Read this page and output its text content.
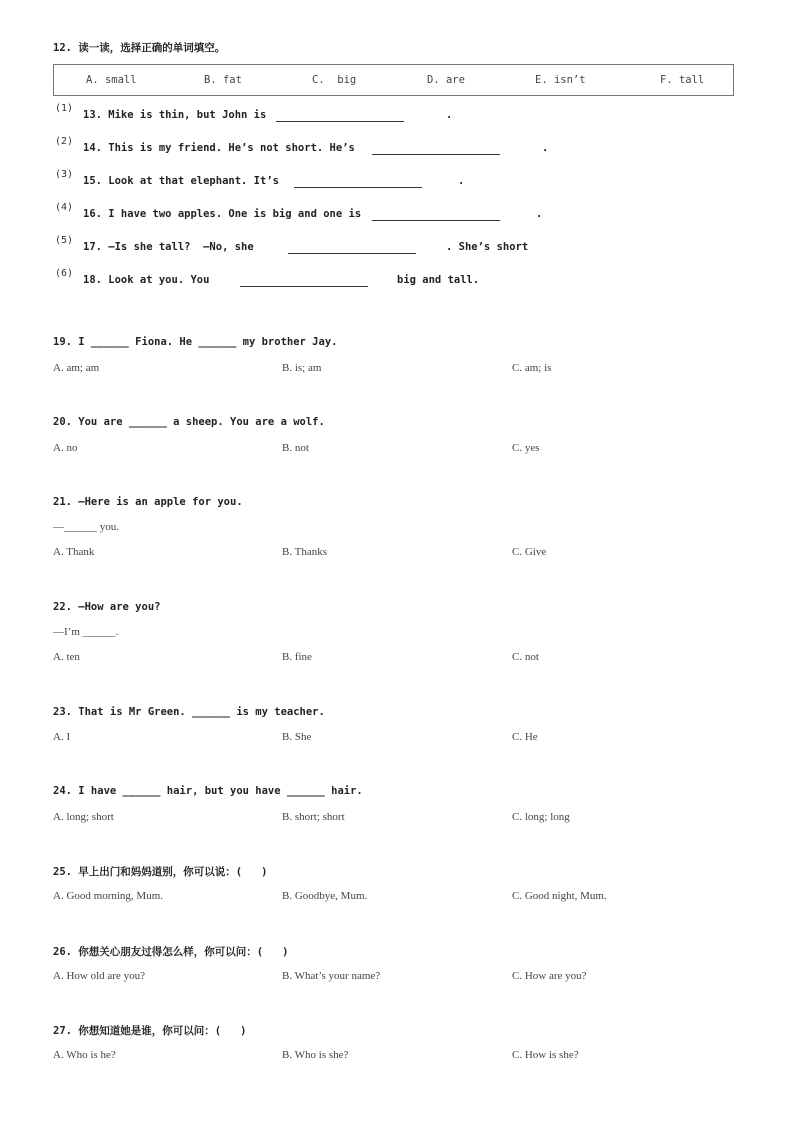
12. 读一读，选择正确的单词填空。
A. small	B. fat	C.  big	D. are	E. isn’t	F. tall
(1)
13. Mike is thin, but John is	.
(2)
14. This is my friend. He’s not short. He’s	.
(3)
15. Look at that elephant. It’s	.
(4)
16. I have two apples. One is big and one is	.
(5)
17. —Is she tall?  —No, she	. She’s short
(6)
18. Look at you. You	big and tall.
19. I ______ Fiona. He ______ my brother Jay.
A. am; am	B. is; am	C. am; is
20. You are ______ a sheep. You are a wolf.
A. no	B. not	C. yes
21. —Here is an apple for you.
—______ you.
A. Thank	B. Thanks	C. Give
22. —How are you?
—I’m ______.
A. ten	B. fine	C. not
23. That is Mr Green. ______ is my teacher.
A. I	B. She	C. He
24. I have ______ hair, but you have ______ hair.
A. long; short	B. short; short	C. long; long
25. 早上出门和妈妈道别，你可以说：(   )
A. Good morning, Mum.	B. Goodbye, Mum.	C. Good night, Mum.
26. 你想关心朋友过得怎么样，你可以问：(   )
A. How old are you?	B. What’s your name?	C. How are you?
27. 你想知道她是谁，你可以问：(   )
A. Who is he?	B. Who is she?	C. How is she?
